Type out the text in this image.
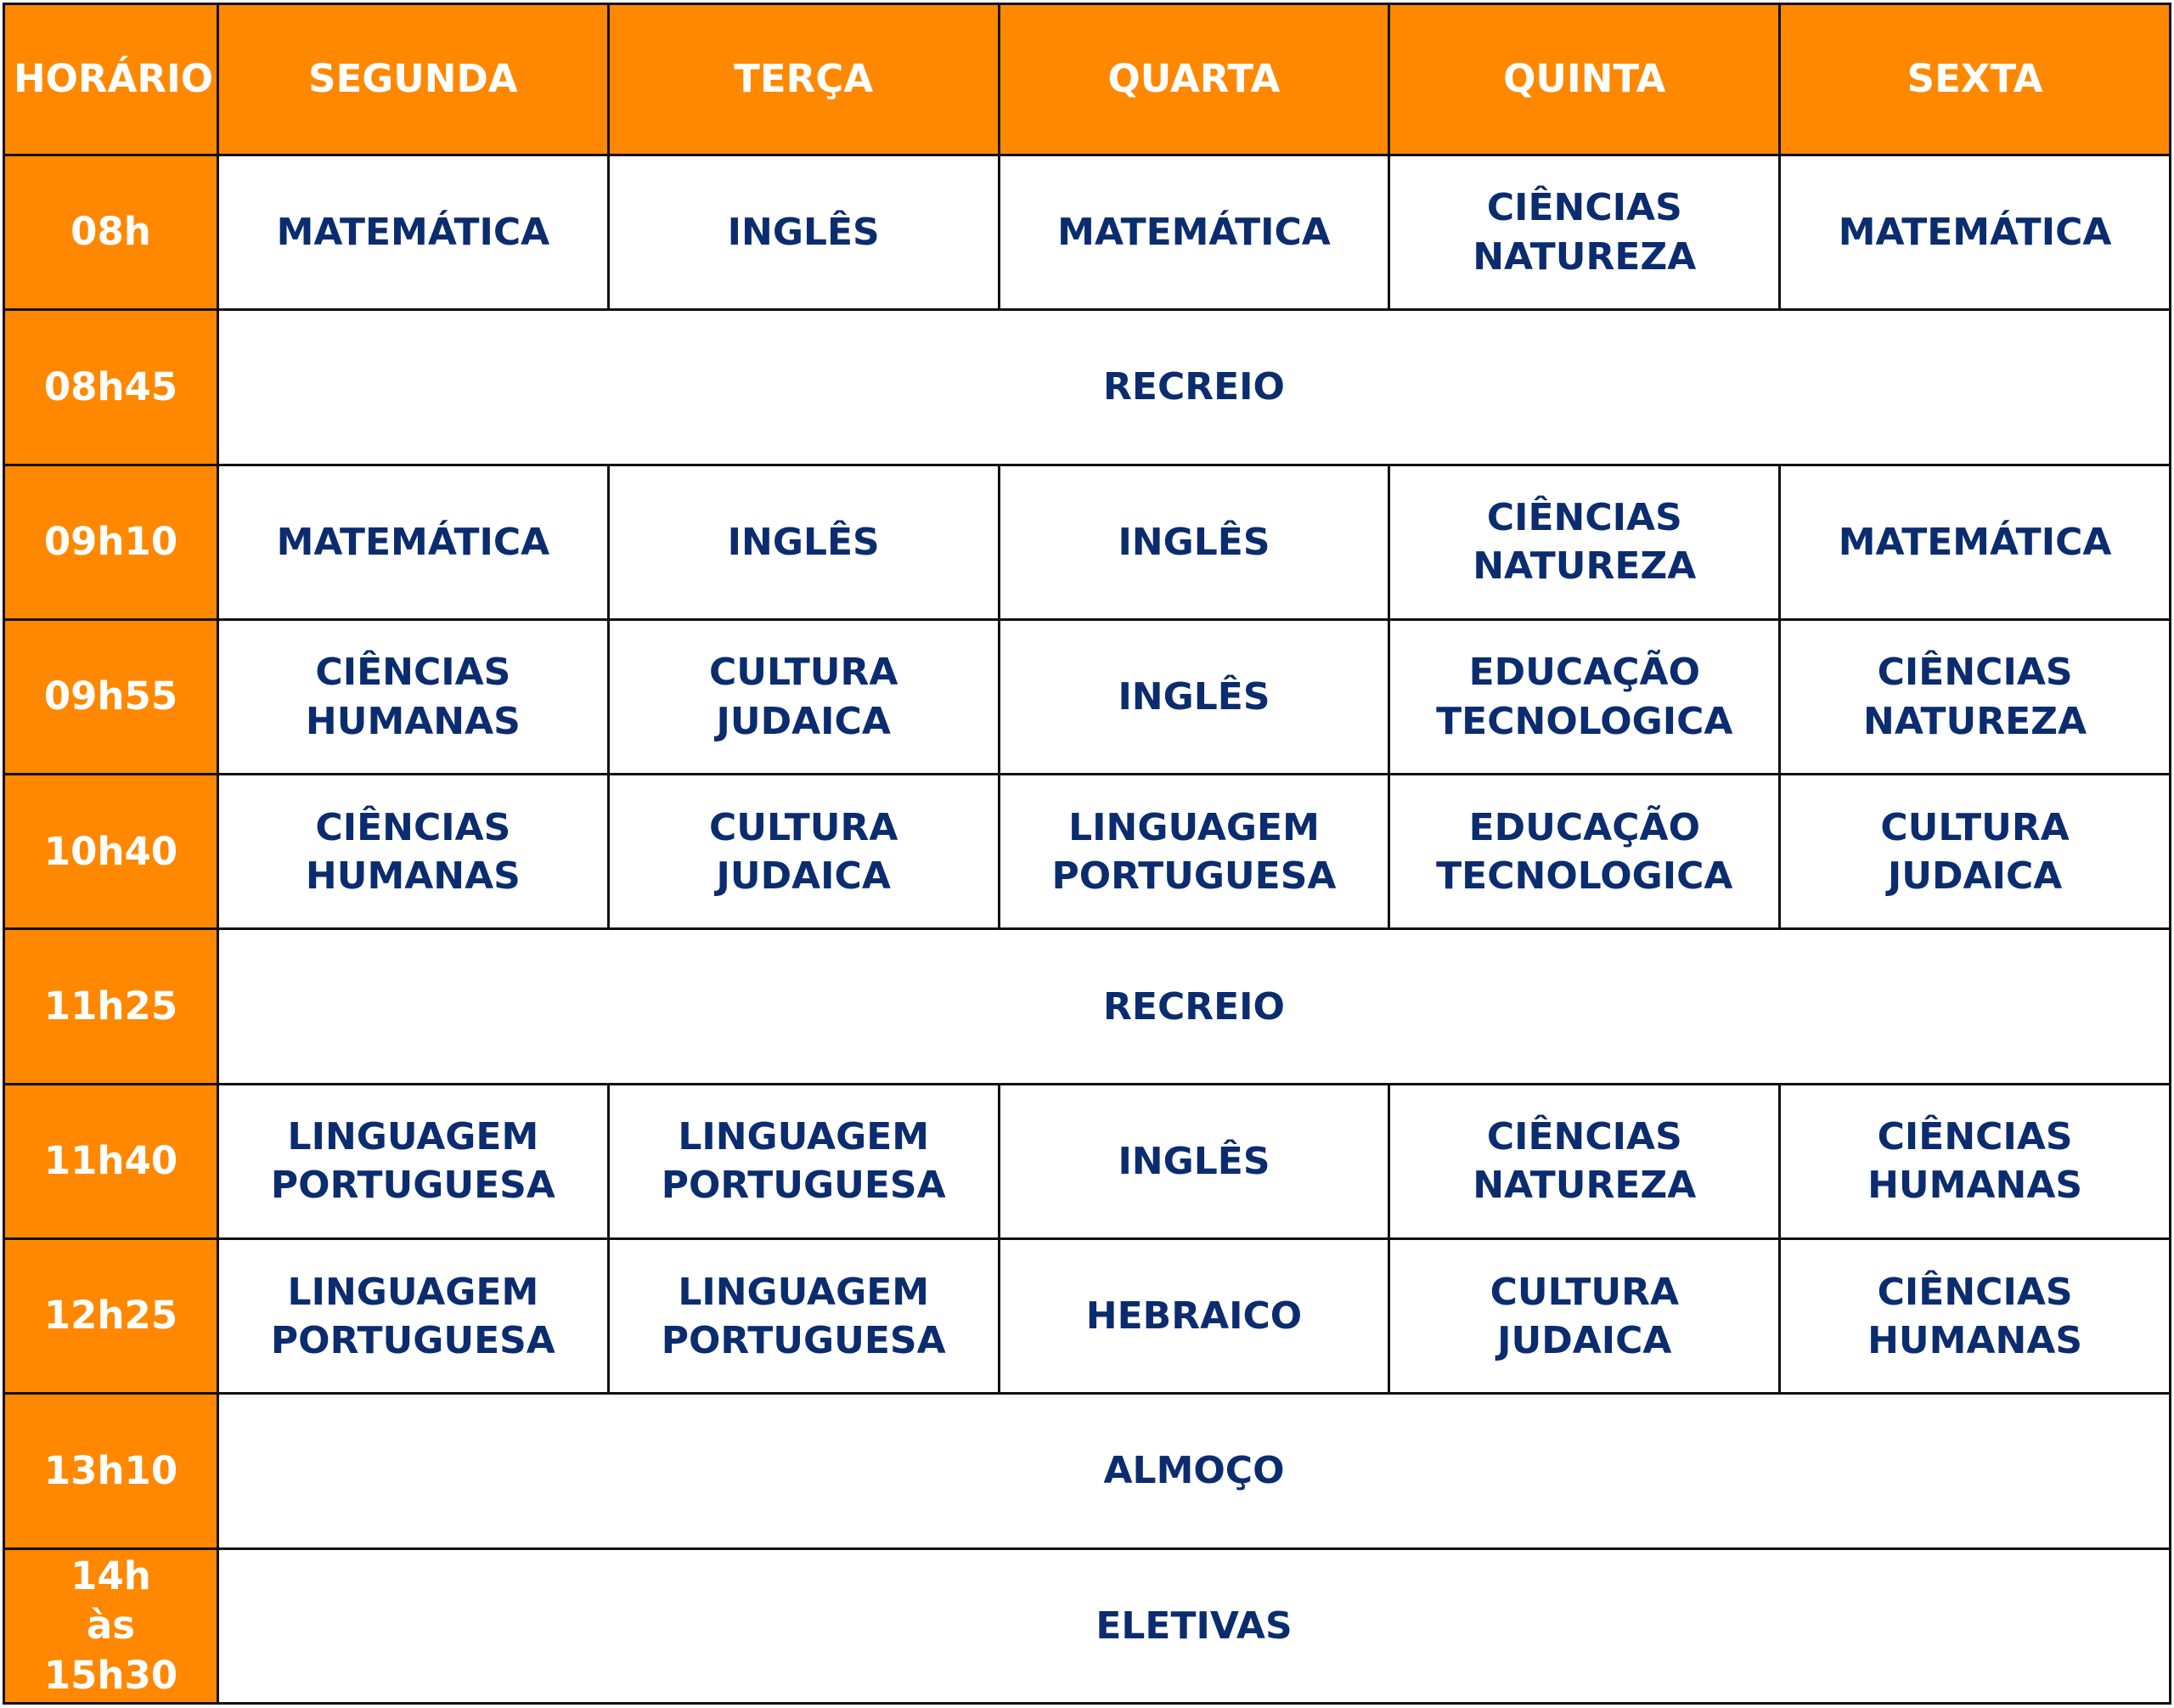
HORÁRIO	SEGUNDA	TERÇA	QUARTA	QUINTA	SEXTA

08h	MATEMÁTICA	INGLÊS	MATEMÁTICA	CIÊNCIAS
NATUREZA	MATEMÁTICA

08h45	RECREIO				

09h10	MATEMÁTICA	INGLÊS	INGLÊS	CIÊNCIAS
NATUREZA	MATEMÁTICA

09h55	CIÊNCIAS
HUMANAS	CULTURA
JUDAICA	INGLÊS	EDUCAÇÃO
TECNOLOGICA	CIÊNCIAS
NATUREZA

10h40	CIÊNCIAS
HUMANAS	CULTURA
JUDAICA	LINGUAGEM
PORTUGUESA	EDUCAÇÃO
TECNOLOGICA	CULTURA
JUDAICA

11h25	RECREIO				

11h40	LINGUAGEM
PORTUGUESA	LINGUAGEM
PORTUGUESA	INGLÊS	CIÊNCIAS
NATUREZA	CIÊNCIAS
HUMANAS

12h25	LINGUAGEM
PORTUGUESA	LINGUAGEM
PORTUGUESA	HEBRAICO	CULTURA
JUDAICA	CIÊNCIAS
HUMANAS

13h10	ALMOÇO				

14h
às
15h30	ELETIVAS				
